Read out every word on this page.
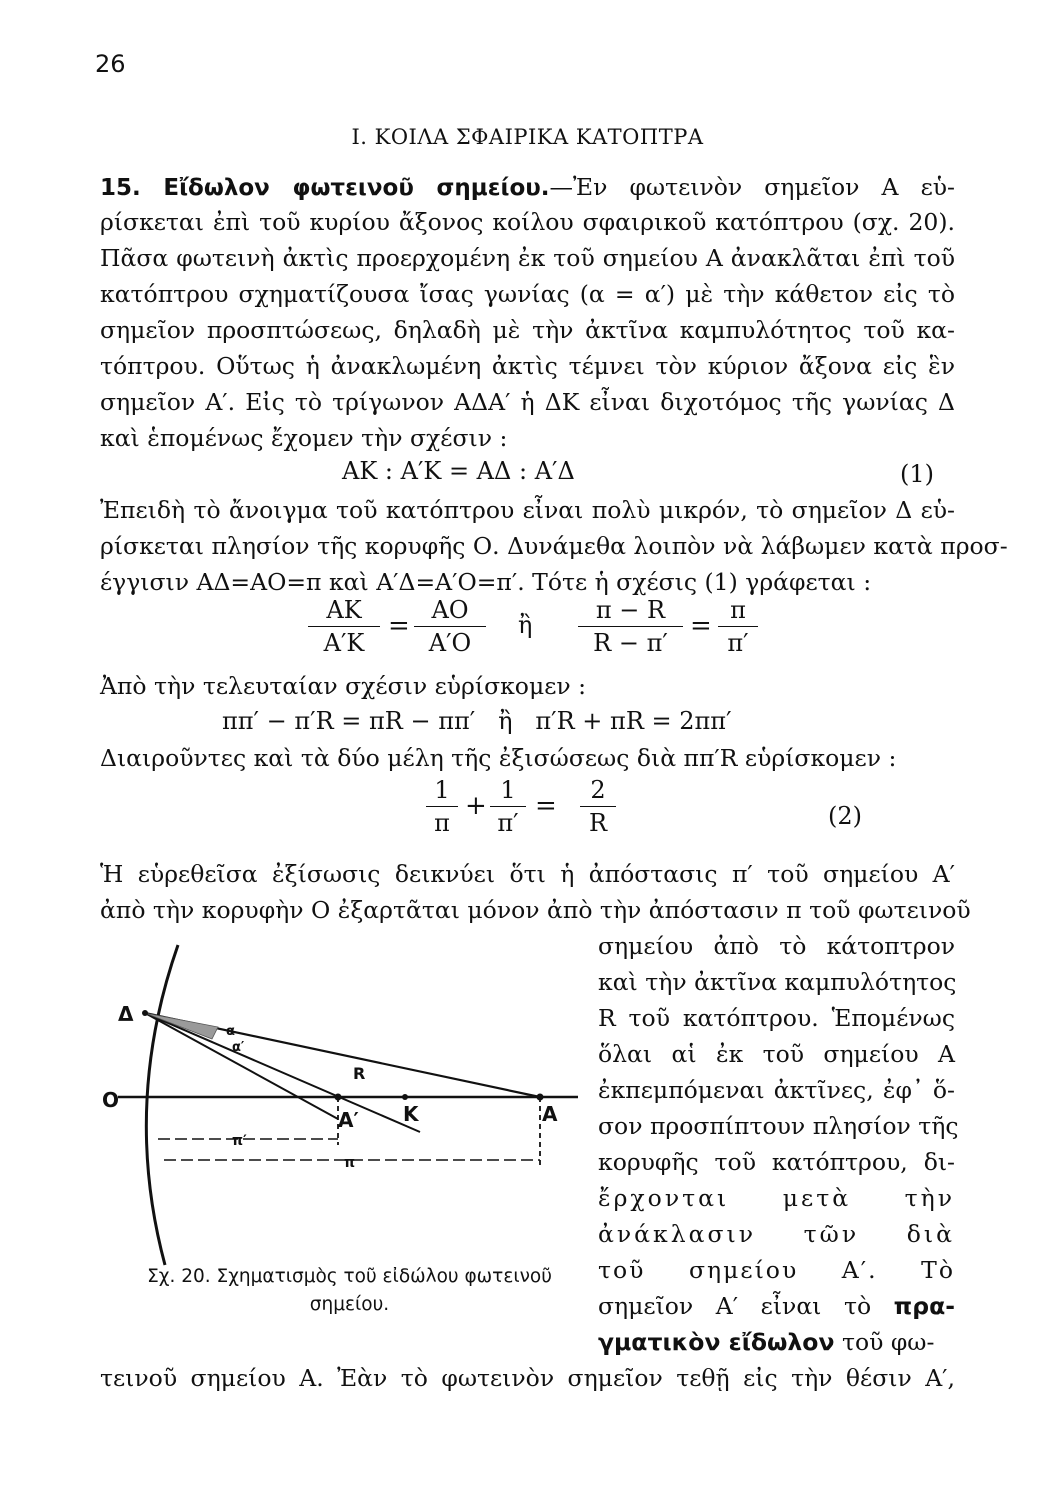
26
I. ΚΟΙΛΑ ΣΦΑΙΡΙΚΑ ΚΑΤΟΠΤΡΑ
15. Εἴδωλον φωτεινοῦ σημείου.—Ἐν φωτεινὸν σημεῖον Α εὑ-
ρίσκεται ἐπὶ τοῦ κυρίου ἄξονος κοίλου σφαιρικοῦ κατόπτρου (σχ. 20).
Πᾶσα φωτεινὴ ἀκτὶς προερχομένη ἐκ τοῦ σημείου Α ἀνακλᾶται ἐπὶ τοῦ
κατόπτρου σχηματίζουσα ἴσας γωνίας (α = α′) μὲ τὴν κάθετον εἰς τὸ
σημεῖον προσπτώσεως, δηλαδὴ μὲ τὴν ἀκτῖνα καμπυλότητος τοῦ κα-
τόπτρου. Οὕτως ἡ ἀνακλωμένη ἀκτὶς τέμνει τὸν κύριον ἄξονα εἰς ἓν
σημεῖον Α′. Εἰς τὸ τρίγωνον ΑΔΑ′ ἡ ΔΚ εἶναι διχοτόμος τῆς γωνίας Δ
καὶ ἑπομένως ἔχομεν τὴν σχέσιν :
ΑΚ : Α′Κ = ΑΔ : Α′Δ	(1)
Ἐπειδὴ τὸ ἄνοιγμα τοῦ κατόπτρου εἶναι πολὺ μικρόν, τὸ σημεῖον Δ εὑ-
ρίσκεται πλησίον τῆς κορυφῆς Ο. Δυνάμεθα λοιπὸν νὰ λάβωμεν κατὰ προσ-
έγγισιν ΑΔ=ΑΟ=π καὶ Α′Δ=Α′Ο=π′. Τότε ἡ σχέσις (1) γράφεται :
$\frac{AK}{A'K} = \frac{AO}{A'O}$ ἢ $\frac{\pi - R}{R - \pi'} = \frac{\pi}{\pi'}$
Ἀπὸ τὴν τελευταίαν σχέσιν εὑρίσκομεν :
ππ′ − π′R = πR − ππ′   ἢ   π′R + πR = 2ππ′
Διαιροῦντες καὶ τὰ δύο μέλη τῆς ἐξισώσεως διὰ ππ′R εὑρίσκομεν :
$\frac{1}{\pi} + \frac{1}{\pi'} = \frac{2}{R}$	(2)
Ἡ εὑρεθεῖσα ἐξίσωσις δεικνύει ὅτι ἡ ἀπόστασις π′ τοῦ σημείου Α′
ἀπὸ τὴν κορυφὴν Ο ἐξαρτᾶται μόνον ἀπὸ τὴν ἀπόστασιν π τοῦ φωτεινοῦ
σημείου ἀπὸ τὸ κάτοπτρον
καὶ τὴν ἀκτῖνα καμπυλότητος
R τοῦ κατόπτρου. Ἑπομένως
ὅλαι αἱ ἐκ τοῦ σημείου Α
ἐκπεμπόμεναι ἀκτῖνες, ἐφ᾽ ὅ-
σον προσπίπτουν πλησίον τῆς
κορυφῆς τοῦ κατόπτρου, δι-
ἔρχονται μετὰ τὴν
ἀνάκλασιν τῶν διὰ
τοῦ σημείου Α′. Τὸ
σημεῖον Α′ εἶναι τὸ πρα-
γματικὸν εἴδωλον τοῦ φω-
τεινοῦ σημείου Α. Ἐὰν τὸ φωτεινὸν σημεῖον τεθῇ εἰς τὴν θέσιν Α′,
Δ
O
A′ K	A
R
α
α′
π′
π
Σχ. 20. Σχηματισμὸς τοῦ εἰδώλου φωτεινοῦ
σημείου.
